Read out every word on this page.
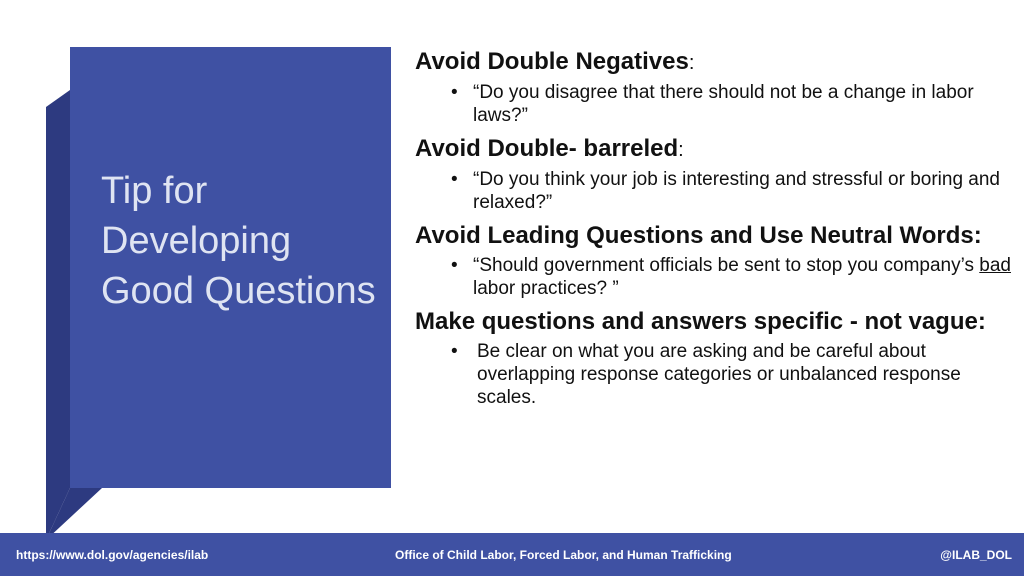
Tip for Developing Good Questions

Avoid Double Negatives:

• “Do you disagree that there should not be a change in labor laws?”

Avoid Double- barreled:

• “Do you think your job is interesting and stressful or boring and relaxed?”

Avoid Leading Questions and Use Neutral Words:

• “Should government officials be sent to stop you company’s bad labor practices? ”

Make questions and answers specific - not vague:

• Be clear on what you are asking and be careful about overlapping response categories or unbalanced response scales.
https://www.dol.gov/agencies/ilab	Office of Child Labor, Forced Labor, and Human Trafficking	@ILAB_DOL
